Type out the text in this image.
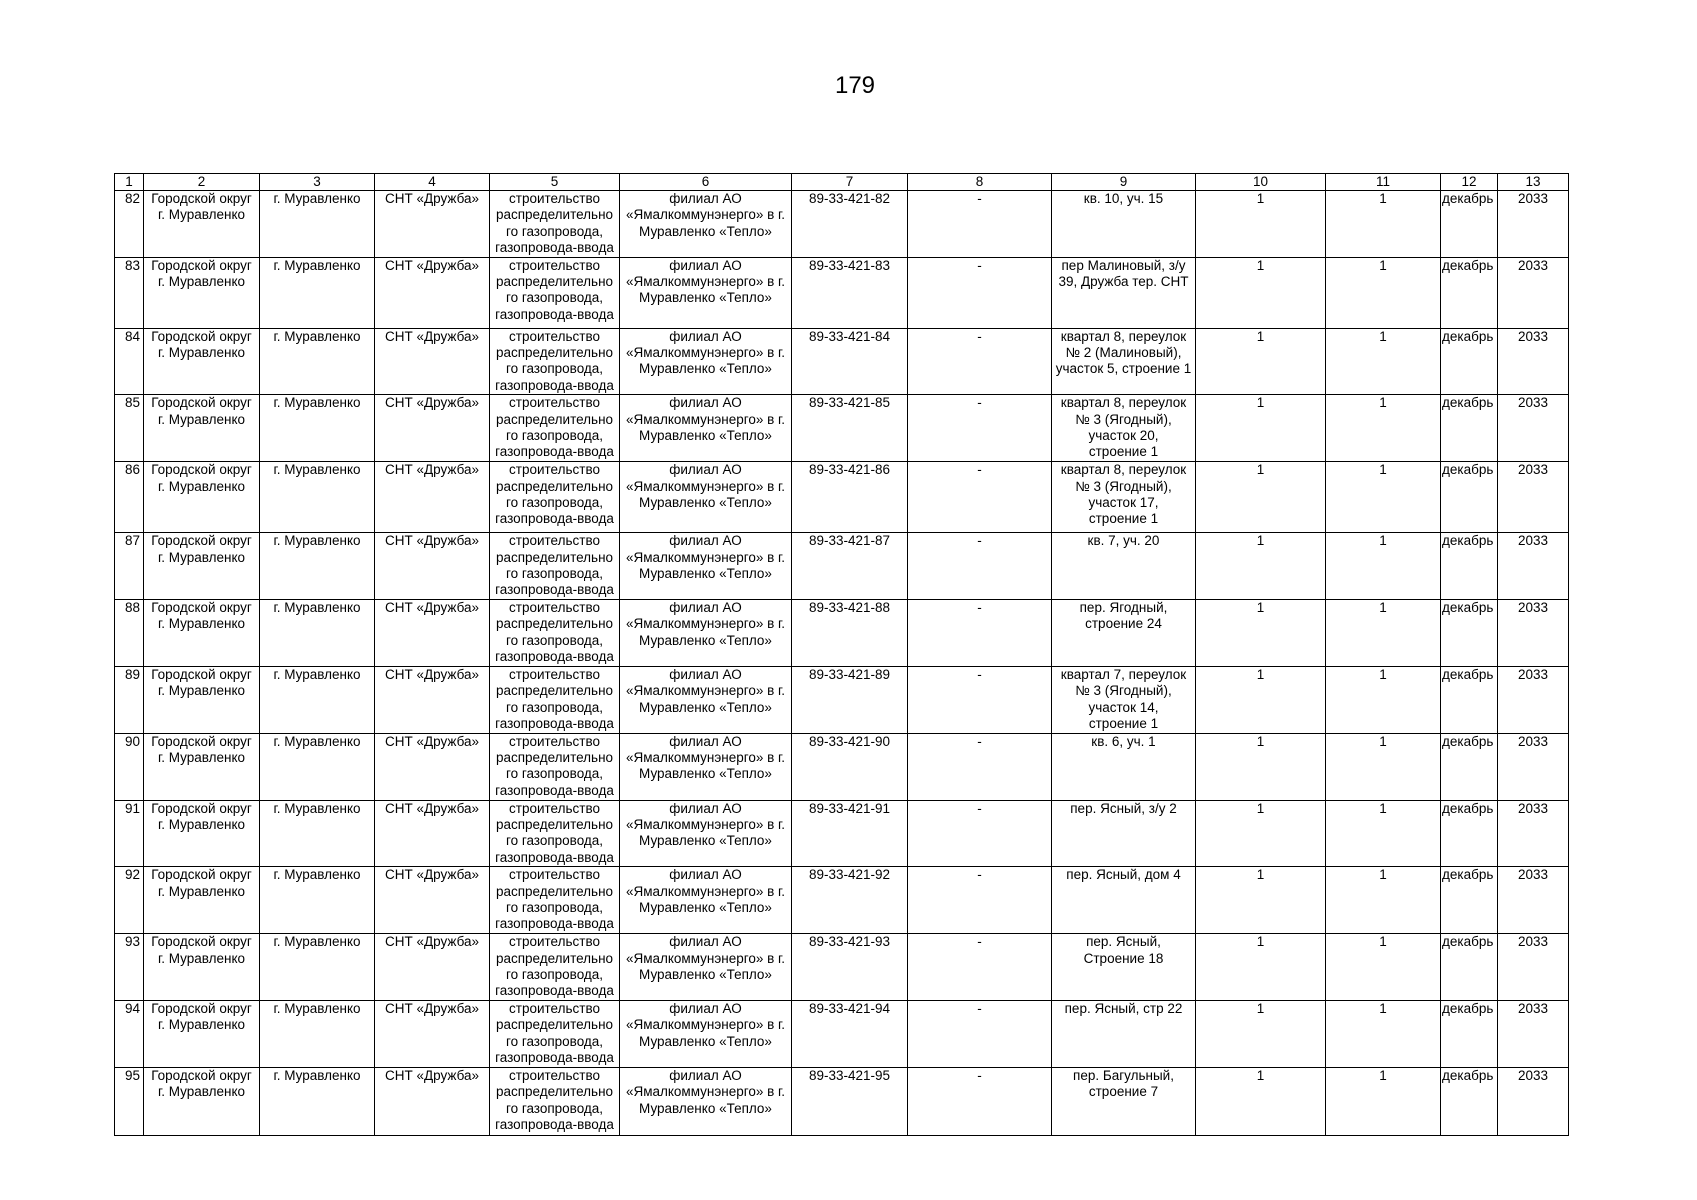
179
1	2	3	4	5	6	7	8	9	10	11	12	13
82	Городской округ
г. Муравленко	г. Муравленко	СНТ «Дружба»	строительство
распределительно
го газопровода,
газопровода-ввода	филиал АО
«Ямалкоммунэнерго» в г.
Муравленко «Тепло»	89-33-421-82	-	кв. 10, уч. 15	1	1	декабрь	2033
83	Городской округ
г. Муравленко	г. Муравленко	СНТ «Дружба»	строительство
распределительно
го газопровода,
газопровода-ввода	филиал АО
«Ямалкоммунэнерго» в г.
Муравленко «Тепло»	89-33-421-83	-	пер Малиновый, з/у
39, Дружба тер. СНТ	1	1	декабрь	2033
84	Городской округ
г. Муравленко	г. Муравленко	СНТ «Дружба»	строительство
распределительно
го газопровода,
газопровода-ввода	филиал АО
«Ямалкоммунэнерго» в г.
Муравленко «Тепло»	89-33-421-84	-	квартал 8, переулок
№ 2 (Малиновый),
участок 5, строение 1	1	1	декабрь	2033
85	Городской округ
г. Муравленко	г. Муравленко	СНТ «Дружба»	строительство
распределительно
го газопровода,
газопровода-ввода	филиал АО
«Ямалкоммунэнерго» в г.
Муравленко «Тепло»	89-33-421-85	-	квартал 8, переулок
№ 3 (Ягодный),
участок 20,
строение 1	1	1	декабрь	2033
86	Городской округ
г. Муравленко	г. Муравленко	СНТ «Дружба»	строительство
распределительно
го газопровода,
газопровода-ввода	филиал АО
«Ямалкоммунэнерго» в г.
Муравленко «Тепло»	89-33-421-86	-	квартал 8, переулок
№ 3 (Ягодный),
участок 17,
строение 1	1	1	декабрь	2033
87	Городской округ
г. Муравленко	г. Муравленко	СНТ «Дружба»	строительство
распределительно
го газопровода,
газопровода-ввода	филиал АО
«Ямалкоммунэнерго» в г.
Муравленко «Тепло»	89-33-421-87	-	кв. 7, уч. 20	1	1	декабрь	2033
88	Городской округ
г. Муравленко	г. Муравленко	СНТ «Дружба»	строительство
распределительно
го газопровода,
газопровода-ввода	филиал АО
«Ямалкоммунэнерго» в г.
Муравленко «Тепло»	89-33-421-88	-	пер. Ягодный,
строение 24	1	1	декабрь	2033
89	Городской округ
г. Муравленко	г. Муравленко	СНТ «Дружба»	строительство
распределительно
го газопровода,
газопровода-ввода	филиал АО
«Ямалкоммунэнерго» в г.
Муравленко «Тепло»	89-33-421-89	-	квартал 7, переулок
№ 3 (Ягодный),
участок 14,
строение 1	1	1	декабрь	2033
90	Городской округ
г. Муравленко	г. Муравленко	СНТ «Дружба»	строительство
распределительно
го газопровода,
газопровода-ввода	филиал АО
«Ямалкоммунэнерго» в г.
Муравленко «Тепло»	89-33-421-90	-	кв. 6, уч. 1	1	1	декабрь	2033
91	Городской округ
г. Муравленко	г. Муравленко	СНТ «Дружба»	строительство
распределительно
го газопровода,
газопровода-ввода	филиал АО
«Ямалкоммунэнерго» в г.
Муравленко «Тепло»	89-33-421-91	-	пер. Ясный, з/у 2	1	1	декабрь	2033
92	Городской округ
г. Муравленко	г. Муравленко	СНТ «Дружба»	строительство
распределительно
го газопровода,
газопровода-ввода	филиал АО
«Ямалкоммунэнерго» в г.
Муравленко «Тепло»	89-33-421-92	-	пер. Ясный, дом 4	1	1	декабрь	2033
93	Городской округ
г. Муравленко	г. Муравленко	СНТ «Дружба»	строительство
распределительно
го газопровода,
газопровода-ввода	филиал АО
«Ямалкоммунэнерго» в г.
Муравленко «Тепло»	89-33-421-93	-	пер. Ясный,
Строение 18	1	1	декабрь	2033
94	Городской округ
г. Муравленко	г. Муравленко	СНТ «Дружба»	строительство
распределительно
го газопровода,
газопровода-ввода	филиал АО
«Ямалкоммунэнерго» в г.
Муравленко «Тепло»	89-33-421-94	-	пер. Ясный, стр 22	1	1	декабрь	2033
95	Городской округ
г. Муравленко	г. Муравленко	СНТ «Дружба»	строительство
распределительно
го газопровода,
газопровода-ввода	филиал АО
«Ямалкоммунэнерго» в г.
Муравленко «Тепло»	89-33-421-95	-	пер. Багульный,
строение 7	1	1	декабрь	2033
